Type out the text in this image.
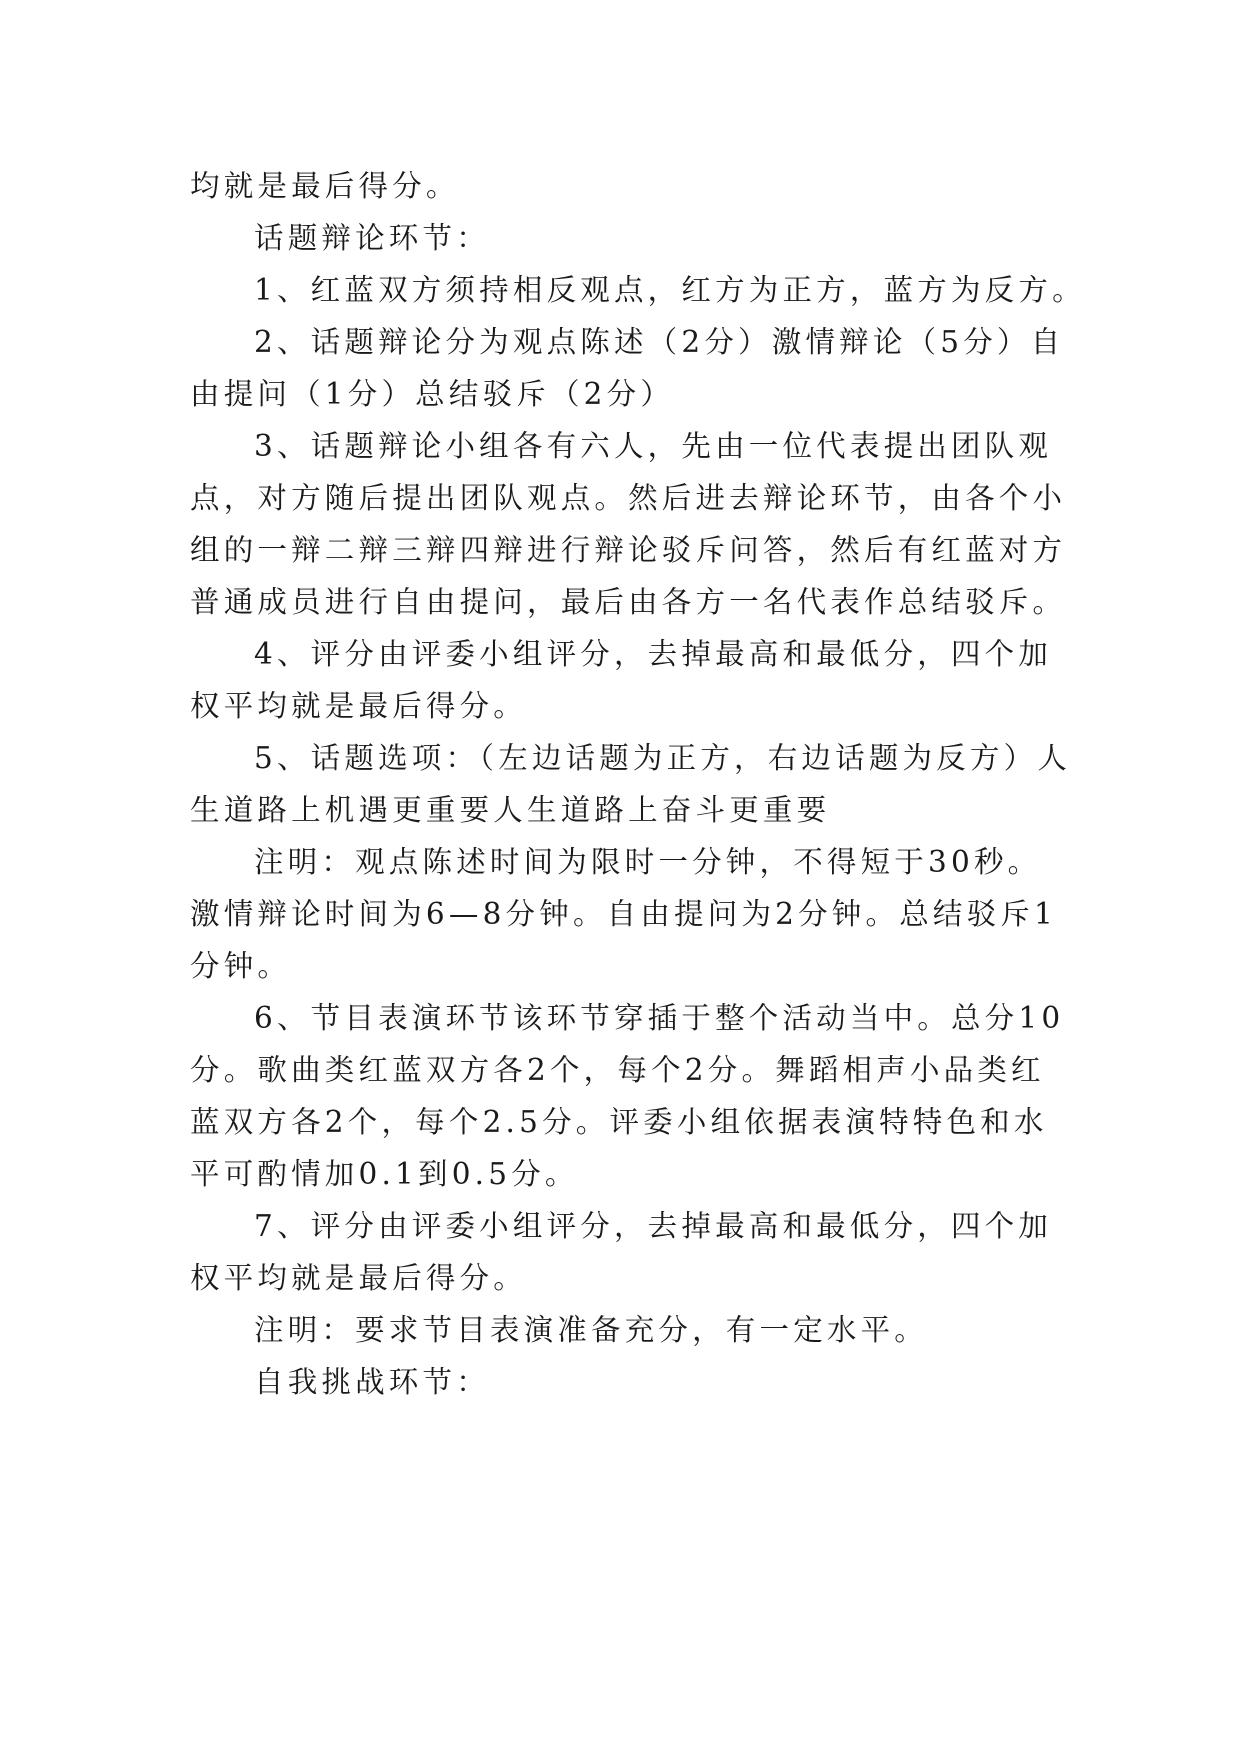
均就是最后得分。
话题辩论环节：
1、红蓝双方须持相反观点，红方为正方，蓝方为反方。
2、话题辩论分为观点陈述（2分）激情辩论（5分）自
由提问（1分）总结驳斥（2分）
3、话题辩论小组各有六人，先由一位代表提出团队观
点，对方随后提出团队观点。然后进去辩论环节，由各个小
组的一辩二辩三辩四辩进行辩论驳斥问答，然后有红蓝对方
普通成员进行自由提问，最后由各方一名代表作总结驳斥。
4、评分由评委小组评分，去掉最高和最低分，四个加
权平均就是最后得分。
5、话题选项：（左边话题为正方，右边话题为反方）人
生道路上机遇更重要人生道路上奋斗更重要
注明：观点陈述时间为限时一分钟，不得短于30秒。
激情辩论时间为6—8分钟。自由提问为2分钟。总结驳斥1
分钟。
6、节目表演环节该环节穿插于整个活动当中。总分10
分。歌曲类红蓝双方各2个，每个2分。舞蹈相声小品类红
蓝双方各2个，每个2.5分。评委小组依据表演特特色和水
平可酌情加0.1到0.5分。
7、评分由评委小组评分，去掉最高和最低分，四个加
权平均就是最后得分。
注明：要求节目表演准备充分，有一定水平。
自我挑战环节：
